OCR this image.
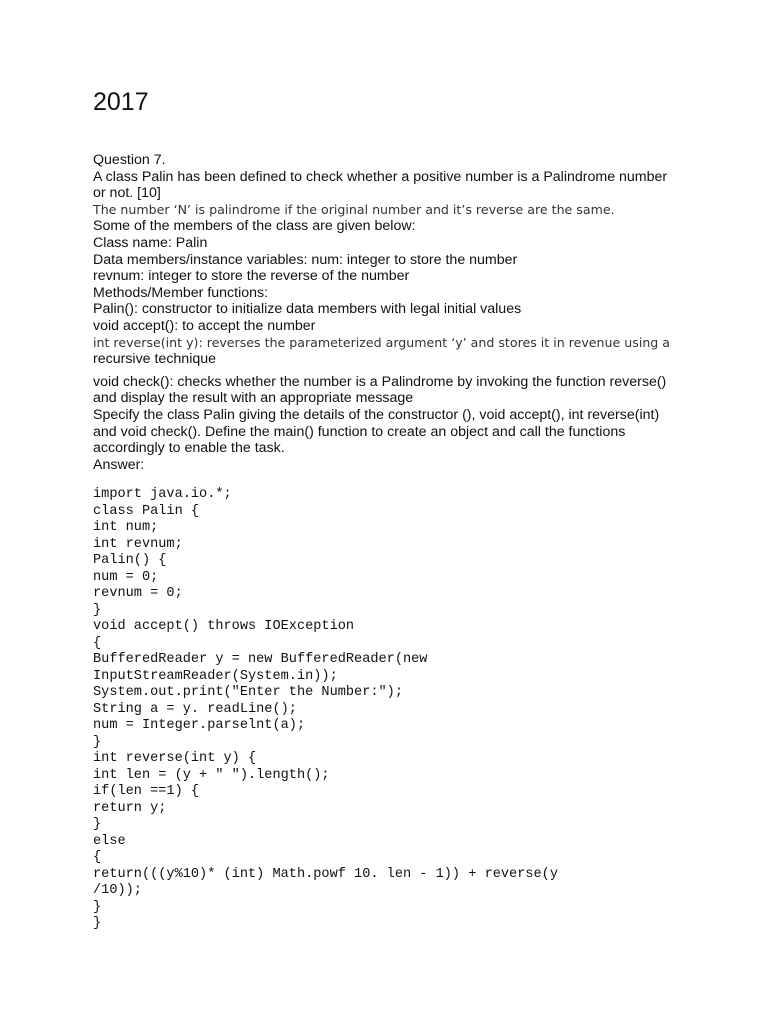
2017
Question 7.
A class Palin has been defined to check whether a positive number is a Palindrome number
or not. [10]
The number ‘N’ is palindrome if the original number and it’s reverse are the same.
Some of the members of the class are given below:
Class name: Palin
Data members/instance variables: num: integer to store the number
revnum: integer to store the reverse of the number
Methods/Member functions:
Palin(): constructor to initialize data members with legal initial values
void accept(): to accept the number
int reverse(int y): reverses the parameterized argument ‘y’ and stores it in revenue using a
recursive technique
void check(): checks whether the number is a Palindrome by invoking the function reverse()
and display the result with an appropriate message
Specify the class Palin giving the details of the constructor (), void accept(), int reverse(int)
and void check(). Define the main() function to create an object and call the functions
accordingly to enable the task.
Answer:
import java.io.*;
class Palin {
int num;
int revnum;
Palin() {
num = 0;
revnum = 0;
}
void accept() throws IOException
{
BufferedReader y = new BufferedReader(new
InputStreamReader(System.in));
System.out.print("Enter the Number:");
String a = y. readLine();
num = Integer.parselnt(a);
}
int reverse(int y) {
int len = (y + " ").length();
if(len ==1) {
return y;
}
else
{
return(((y%10)* (int) Math.powf 10. len - 1)) + reverse(y
/10));
}
}
